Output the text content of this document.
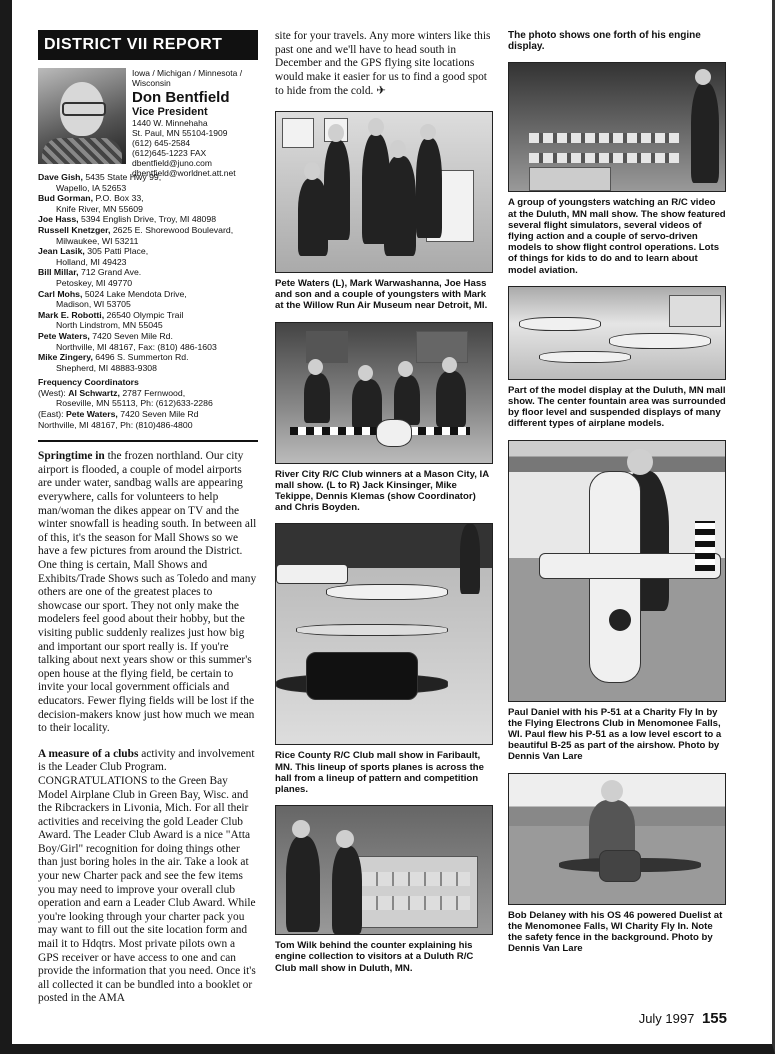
DISTRICT VII REPORT
Iowa / Michigan / Minnesota / Wisconsin
Don Bentfield
Vice President
1440 W. Minnehaha
St. Paul, MN 55104-1909
(612) 645-2584
(612)645-1223 FAX
dbentfield@juno.com
dbentfield@worldnet.att.net
Dave Gish, 5435 State Hwy 99,
Wapello, IA 52653
Bud Gorman, P.O. Box 33,
Knife River, MN 55609
Joe Hass, 5394 English Drive, Troy, MI 48098
Russell Knetzger, 2625 E. Shorewood Boulevard,
Milwaukee, WI 53211
Jean Lasik, 305 Patti Place,
Holland, MI 49423
Bill Millar, 712 Grand Ave.
Petoskey, MI 49770
Carl Mohs, 5024 Lake Mendota Drive,
Madison, WI 53705
Mark E. Robotti, 26540 Olympic Trail
North Lindstrom, MN 55045
Pete Waters, 7420 Seven Mile Rd.
Northville, MI 48167, Fax: (810) 486-1603
Mike Zingery, 6496 S. Summerton Rd.
Shepherd, MI 48883-9308
Frequency Coordinators
(West): Al Schwartz, 2787 Fernwood,
Roseville, MN 55113, Ph: (612)633-2286
(East): Pete Waters, 7420 Seven Mile Rd
Northville, MI 48167, Ph: (810)486-4800

Springtime in the frozen northland. Our city airport is flooded, a couple of model airports are under water, sandbag walls are appearing everywhere, calls for volunteers to help man/woman the dikes appear on TV and the winter snowfall is heading south. In between all of this, it's the season for Mall Shows so we have a few pictures from around the District. One thing is certain, Mall Shows and Exhibits/Trade Shows such as Toledo and many others are one of the greatest places to showcase our sport. They not only make the modelers feel good about their hobby, but the visiting public suddenly realizes just how big and important our sport really is. If you're talking about next years show or this summer's open house at the flying field, be certain to invite your local government officials and educators. Fewer flying fields will be lost if the decision-makers know just how much we mean to their locality.

A measure of a clubs activity and involvement is the Leader Club Program. CONGRATULATIONS to the Green Bay Model Airplane Club in Green Bay, Wisc. and the Ribcrackers in Livonia, Mich. For all their activities and receiving the gold Leader Club Award. The Leader Club Award is a nice "Atta Boy/Girl" recognition for doing things other than just boring holes in the air. Take a look at your new Charter pack and see the few items you may need to improve your overall club operation and earn a Leader Club Award. While you're looking through your charter pack you may want to fill out the site location form and mail it to Hdqtrs. Most private pilots own a GPS receiver or have access to one and can provide the information that you need. Once it's all collected it can be bundled into a booklet or posted in the AMA

site for your travels. Any more winters like this past one and we'll have to head south in December and the GPS flying site locations would make it easier for us to find a good spot to hide from the cold. ✈
Pete Waters (L), Mark Warwashanna, Joe Hass and son and a couple of youngsters with Mark at the Willow Run Air Museum near Detroit, MI.
River City R/C Club winners at a Mason City, IA mall show. (L to R) Jack Kinsinger, Mike Tekippe, Dennis Klemas (show Coordinator) and Chris Boyden.
Rice County R/C Club mall show in Faribault, MN. This lineup of sports planes is across the hall from a lineup of pattern and competition planes.
Tom Wilk behind the counter explaining his engine collection to visitors at a Duluth R/C Club mall show in Duluth, MN.
The photo shows one forth of his engine display.
A group of youngsters watching an R/C video at the Duluth, MN mall show. The show featured several flight simulators, several videos of flying action and a couple of servo-driven models to show flight control operations. Lots of things for kids to do and to learn about model aviation.
Part of the model display at the Duluth, MN mall show. The center fountain area was surrounded by floor level and suspended displays of many different types of airplane models.
Paul Daniel with his P-51 at a Charity Fly In by the Flying Electrons Club in Menomonee Falls, WI. Paul flew his P-51 as a low level escort to a beautiful B-25 as part of the airshow. Photo by Dennis Van Lare
Bob Delaney with his OS 46 powered Duelist at the Menomonee Falls, WI Charity Fly In. Note the safety fence in the background. Photo by Dennis Van Lare
July 1997 155
